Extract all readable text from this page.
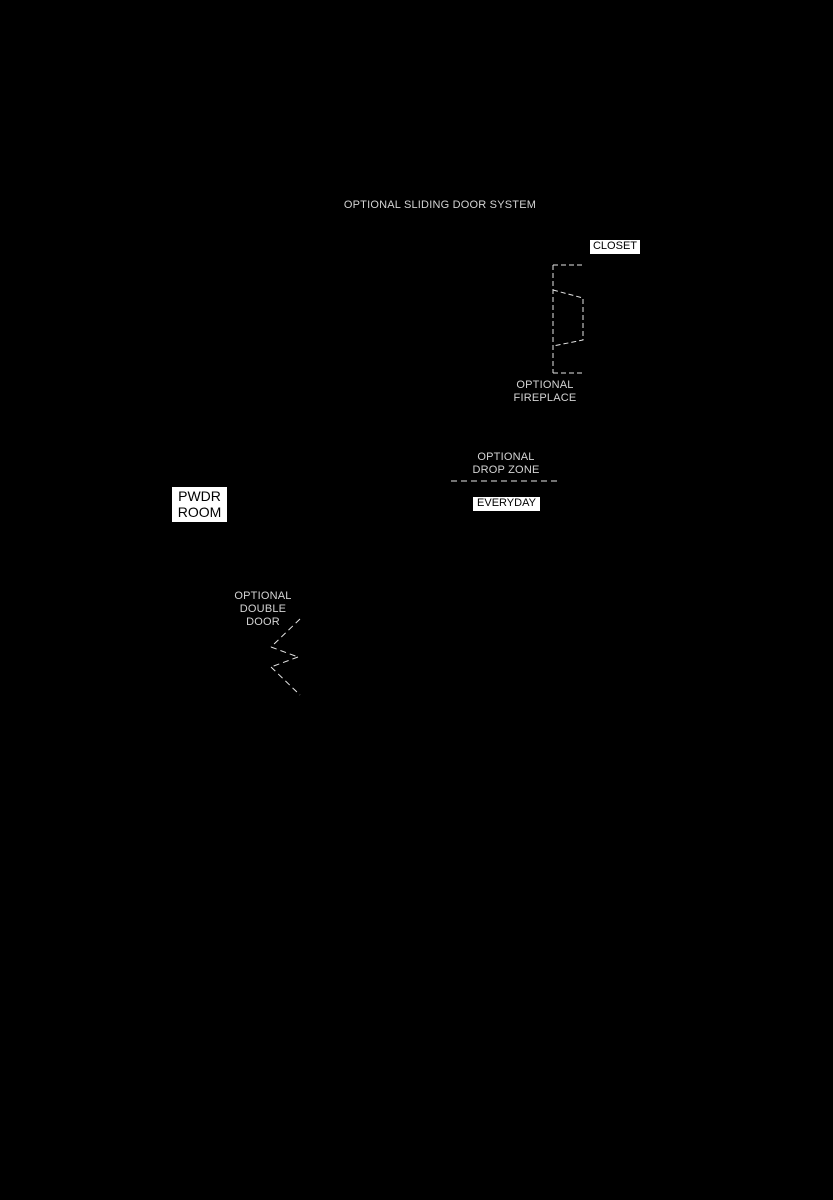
OPTIONAL SLIDING DOOR SYSTEM
CLOSET
OPTIONAL
FIREPLACE
OPTIONAL
DROP ZONE
EVERYDAY
PWDR
ROOM
OPTIONAL
DOUBLE
DOOR
